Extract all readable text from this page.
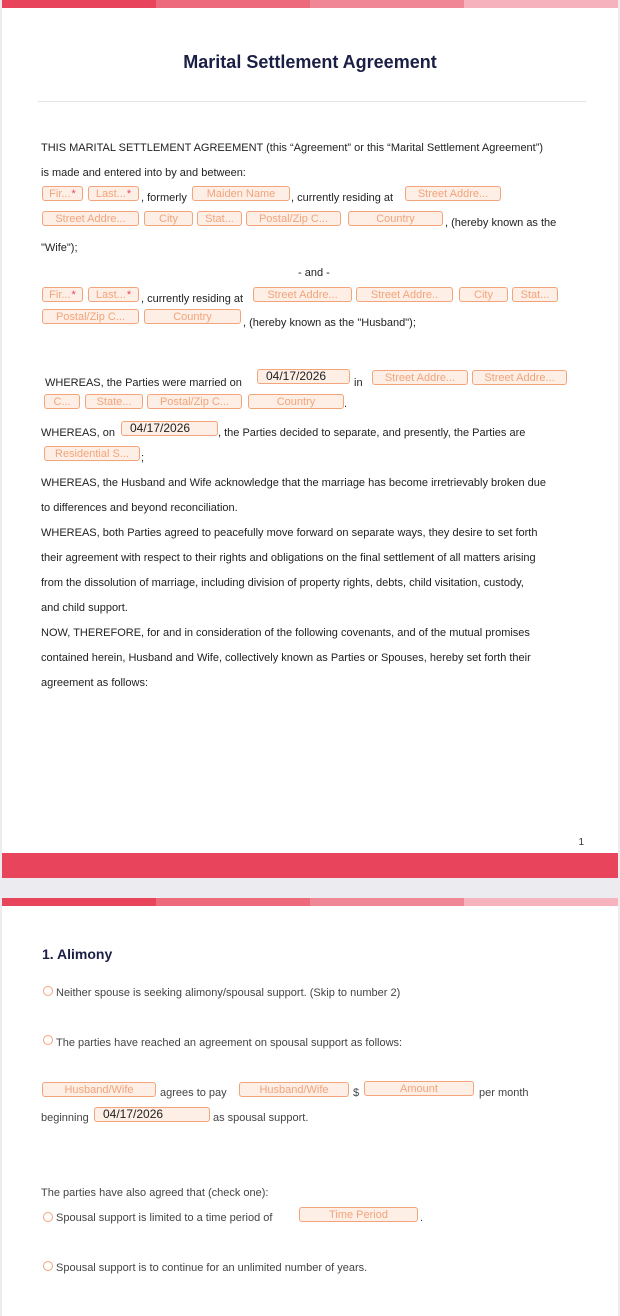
Marital Settlement Agreement
THIS MARITAL SETTLEMENT AGREEMENT (this “Agreement” or this “Marital Settlement Agreement”)
is made and entered into by and between:
Fir...*	Last...* , formerly	Maiden Name	, currently residing at	Street Addre...
Street Addre...	City	Stat...	Postal/Zip C...	Country	, (hereby known as the
"Wife");
- and -
Fir...*	Last...* , currently residing at	Street Addre...	Street Addre..	City	Stat...
Postal/Zip C...	Country	, (hereby known as the "Husband");
WHEREAS, the Parties were married on	04/17/2026	in	Street Addre...	Street Addre...
C...	State...	Postal/Zip C...	Country	.
WHEREAS, on	04/17/2026	, the Parties decided to separate, and presently, the Parties are
Residential S...	;
WHEREAS, the Husband and Wife acknowledge that the marriage has become irretrievably broken due
to differences and beyond reconciliation.
WHEREAS, both Parties agreed to peacefully move forward on separate ways, they desire to set forth
their agreement with respect to their rights and obligations on the final settlement of all matters arising
from the dissolution of marriage, including division of property rights, debts, child visitation, custody,
and child support.
NOW, THEREFORE, for and in consideration of the following covenants, and of the mutual promises
contained herein, Husband and Wife, collectively known as Parties or Spouses, hereby set forth their
agreement as follows:
1
1. Alimony
Neither spouse is seeking alimony/spousal support. (Skip to number 2)
The parties have reached an agreement on spousal support as follows:
Husband/Wife	agrees to pay	Husband/Wife	$	Amount	per month
beginning	04/17/2026	as spousal support.
The parties have also agreed that (check one):
Spousal support is limited to a time period of	Time Period	.
Spousal support is to continue for an unlimited number of years.
